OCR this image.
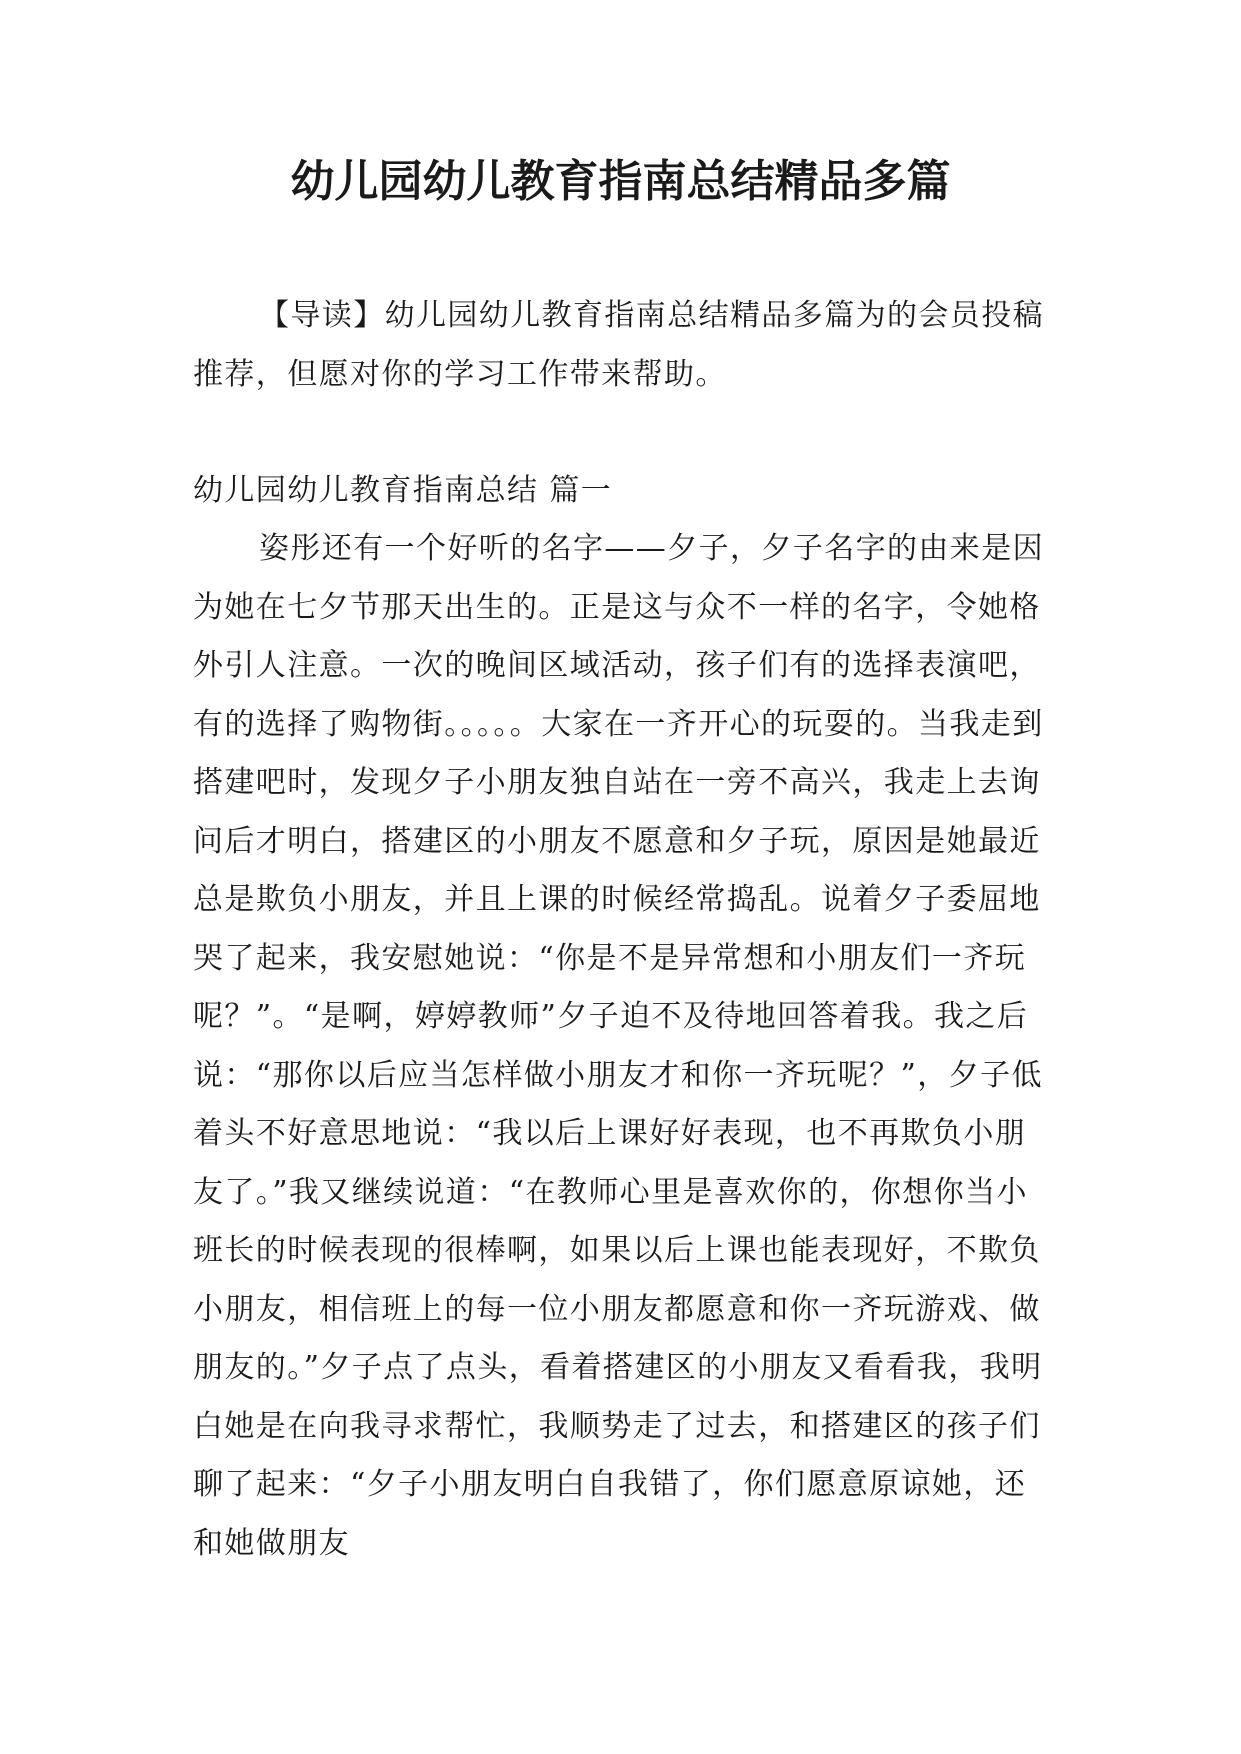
幼儿园幼儿教育指南总结精品多篇

【导读】幼儿园幼儿教育指南总结精品多篇为的会员投稿推荐，但愿对你的学习工作带来帮助。

幼儿园幼儿教育指南总结 篇一

姿彤还有一个好听的名字——夕子，夕子名字的由来是因为她在七夕节那天出生的。正是这与众不一样的名字，令她格外引人注意。一次的晚间区域活动，孩子们有的选择表演吧，有的选择了购物街。。。。。大家在一齐开心的玩耍的。当我走到搭建吧时，发现夕子小朋友独自站在一旁不高兴，我走上去询问后才明白，搭建区的小朋友不愿意和夕子玩，原因是她最近总是欺负小朋友，并且上课的时候经常捣乱。说着夕子委屈地哭了起来，我安慰她说：“你是不是异常想和小朋友们一齐玩呢？”。“是啊，婷婷教师”夕子迫不及待地回答着我。我之后说：“那你以后应当怎样做小朋友才和你一齐玩呢？”，夕子低着头不好意思地说：“我以后上课好好表现，也不再欺负小朋友了。”我又继续说道：“在教师心里是喜欢你的，你想你当小班长的时候表现的很棒啊，如果以后上课也能表现好，不欺负小朋友，相信班上的每一位小朋友都愿意和你一齐玩游戏、做朋友的。”夕子点了点头，看着搭建区的小朋友又看看我，我明白她是在向我寻求帮忙，我顺势走了过去，和搭建区的孩子们聊了起来：“夕子小朋友明白自我错了，你们愿意原谅她，还和她做朋友
